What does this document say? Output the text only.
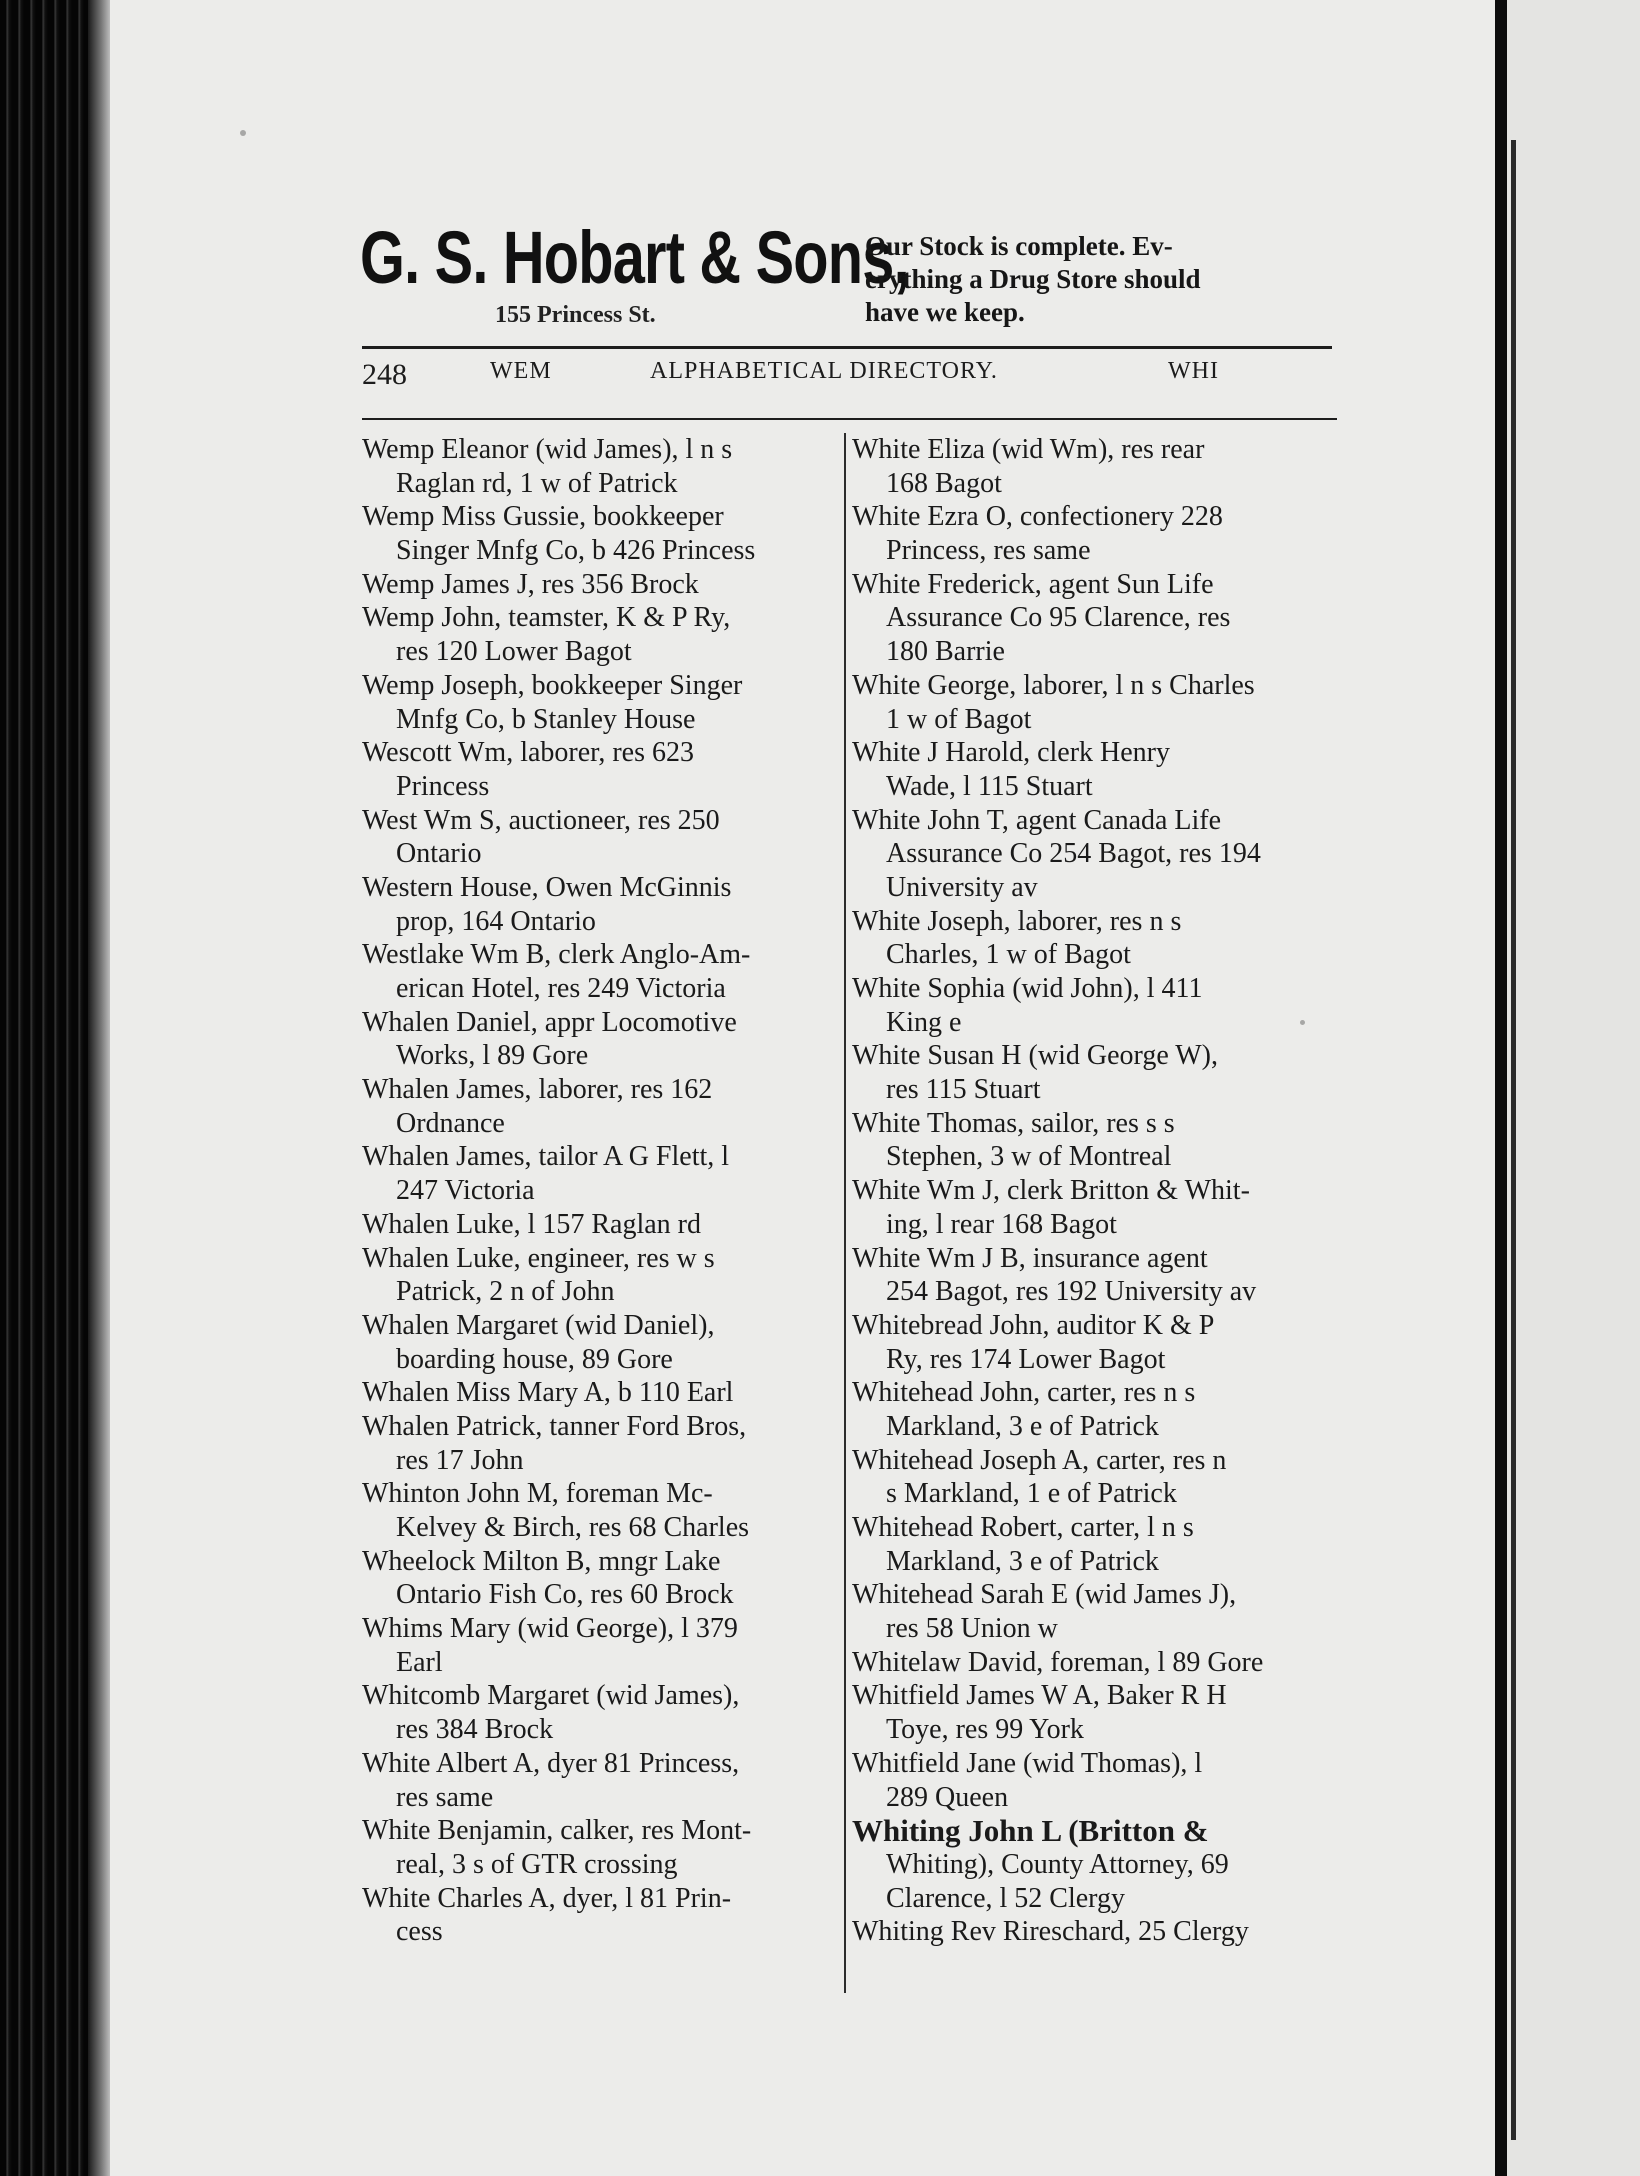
G. S. Hobart & Sons,
155 Princess St.
Our Stock is complete. Ev-
erything a Drug Store should
have we keep.
248	WEM	ALPHABETICAL DIRECTORY.	WHI
Wemp Eleanor (wid James), l n s
Raglan rd, 1 w of Patrick
Wemp Miss Gussie, bookkeeper
Singer Mnfg Co, b 426 Princess
Wemp James J, res 356 Brock
Wemp John, teamster, K & P Ry,
res 120 Lower Bagot
Wemp Joseph, bookkeeper Singer
Mnfg Co, b Stanley House
Wescott Wm, laborer, res 623
Princess
West Wm S, auctioneer, res 250
Ontario
Western House, Owen McGinnis
prop, 164 Ontario
Westlake Wm B, clerk Anglo-Am-
erican Hotel, res 249 Victoria
Whalen Daniel, appr Locomotive
Works, l 89 Gore
Whalen James, laborer, res 162
Ordnance
Whalen James, tailor A G Flett, l
247 Victoria
Whalen Luke, l 157 Raglan rd
Whalen Luke, engineer, res w s
Patrick, 2 n of John
Whalen Margaret (wid Daniel),
boarding house, 89 Gore
Whalen Miss Mary A, b 110 Earl
Whalen Patrick, tanner Ford Bros,
res 17 John
Whinton John M, foreman Mc-
Kelvey & Birch, res 68 Charles
Wheelock Milton B, mngr Lake
Ontario Fish Co, res 60 Brock
Whims Mary (wid George), l 379
Earl
Whitcomb Margaret (wid James),
res 384 Brock
White Albert A, dyer 81 Princess,
res same
White Benjamin, calker, res Mont-
real, 3 s of GTR crossing
White Charles A, dyer, l 81 Prin-
cess
White Eliza (wid Wm), res rear
168 Bagot
White Ezra O, confectionery 228
Princess, res same
White Frederick, agent Sun Life
Assurance Co 95 Clarence, res
180 Barrie
White George, laborer, l n s Charles
1 w of Bagot
White J Harold, clerk Henry
Wade, l 115 Stuart
White John T, agent Canada Life
Assurance Co 254 Bagot, res 194
University av
White Joseph, laborer, res n s
Charles, 1 w of Bagot
White Sophia (wid John), l 411
King e
White Susan H (wid George W),
res 115 Stuart
White Thomas, sailor, res s s
Stephen, 3 w of Montreal
White Wm J, clerk Britton & Whit-
ing, l rear 168 Bagot
White Wm J B, insurance agent
254 Bagot, res 192 University av
Whitebread John, auditor K & P
Ry, res 174 Lower Bagot
Whitehead John, carter, res n s
Markland, 3 e of Patrick
Whitehead Joseph A, carter, res n
s Markland, 1 e of Patrick
Whitehead Robert, carter, l n s
Markland, 3 e of Patrick
Whitehead Sarah E (wid James J),
res 58 Union w
Whitelaw David, foreman, l 89 Gore
Whitfield James W A, Baker R H
Toye, res 99 York
Whitfield Jane (wid Thomas), l
289 Queen
Whiting John L (Britton &
Whiting), County Attorney, 69
Clarence, l 52 Clergy
Whiting Rev Rireschard, 25 Clergy
